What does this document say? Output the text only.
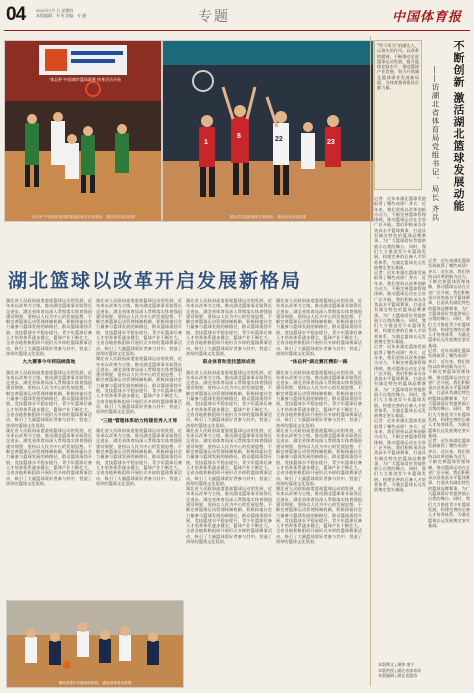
04	2021年7月 日 星期四
本版编辑：专刊 美编：专 题	专题	中国体育报
"体总杯"中国城市篮球联赛 热身活动开始
"体总杯"中国城市篮球联赛湖北赛区比赛现场。 湖北省体育局供图
1	22
8
23
湖北武汉篮球赛事比赛现场。 湖北省体育局供图
湖北篮球以改革开启发展新格局
湖北省人民政府高度重视篮球运动的发展，近年来以改革为主线，推动湖北篮球事业取得长足进步。湖北省体育局深入贯彻落实体育强国建设纲要，坚持以人民为中心的发展思想，不断完善篮球运动管理体制机制，积极探索社会力量参与篮球发展的新路径，群众篮球蓬勃开展，竞技篮球水平稳步提升，青少年篮球后备人才培养体系逐步健全，篮球产业不断壮大。全省各地积极组织开展形式多样的篮球赛事活动，吸引了大量篮球爱好者参与其中，营造了浓厚的篮球文化氛围。
九大赛事今年将陆续落地
湖北省人民政府高度重视篮球运动的发展，近年来以改革为主线，推动湖北篮球事业取得长足进步。湖北省体育局深入贯彻落实体育强国建设纲要，坚持以人民为中心的发展思想，不断完善篮球运动管理体制机制，积极探索社会力量参与篮球发展的新路径，群众篮球蓬勃开展，竞技篮球水平稳步提升，青少年篮球后备人才培养体系逐步健全，篮球产业不断壮大。全省各地积极组织开展形式多样的篮球赛事活动，吸引了大量篮球爱好者参与其中，营造了浓厚的篮球文化氛围。
湖北省人民政府高度重视篮球运动的发展，近年来以改革为主线，推动湖北篮球事业取得长足进步。湖北省体育局深入贯彻落实体育强国建设纲要，坚持以人民为中心的发展思想，不断完善篮球运动管理体制机制，积极探索社会力量参与篮球发展的新路径，群众篮球蓬勃开展，竞技篮球水平稳步提升，青少年篮球后备人才培养体系逐步健全，篮球产业不断壮大。全省各地积极组织开展形式多样的篮球赛事活动，吸引了大量篮球爱好者参与其中，营造了浓厚的篮球文化氛围。
湖北省人民政府高度重视篮球运动的发展，近年来以改革为主线，推动湖北篮球事业取得长足进步。湖北省体育局深入贯彻落实体育强国建设纲要，坚持以人民为中心的发展思想，不断完善篮球运动管理体制机制，积极探索社会力量参与篮球发展的新路径，群众篮球蓬勃开展，竞技篮球水平稳步提升，青少年篮球后备人才培养体系逐步健全，篮球产业不断壮大。全省各地积极组织开展形式多样的篮球赛事活动，吸引了大量篮球爱好者参与其中，营造了浓厚的篮球文化氛围。
湖北省人民政府高度重视篮球运动的发展，近年来以改革为主线，推动湖北篮球事业取得长足进步。湖北省体育局深入贯彻落实体育强国建设纲要，坚持以人民为中心的发展思想，不断完善篮球运动管理体制机制，积极探索社会力量参与篮球发展的新路径，群众篮球蓬勃开展，竞技篮球水平稳步提升，青少年篮球后备人才培养体系逐步健全，篮球产业不断壮大。全省各地积极组织开展形式多样的篮球赛事活动，吸引了大量篮球爱好者参与其中，营造了浓厚的篮球文化氛围。
"三级"管理体系助力构建优秀人才库
湖北省人民政府高度重视篮球运动的发展，近年来以改革为主线，推动湖北篮球事业取得长足进步。湖北省体育局深入贯彻落实体育强国建设纲要，坚持以人民为中心的发展思想，不断完善篮球运动管理体制机制，积极探索社会力量参与篮球发展的新路径，群众篮球蓬勃开展，竞技篮球水平稳步提升，青少年篮球后备人才培养体系逐步健全，篮球产业不断壮大。全省各地积极组织开展形式多样的篮球赛事活动，吸引了大量篮球爱好者参与其中，营造了浓厚的篮球文化氛围。
湖北省人民政府高度重视篮球运动的发展，近年来以改革为主线，推动湖北篮球事业取得长足进步。湖北省体育局深入贯彻落实体育强国建设纲要，坚持以人民为中心的发展思想，不断完善篮球运动管理体制机制，积极探索社会力量参与篮球发展的新路径，群众篮球蓬勃开展，竞技篮球水平稳步提升，青少年篮球后备人才培养体系逐步健全，篮球产业不断壮大。全省各地积极组织开展形式多样的篮球赛事活动，吸引了大量篮球爱好者参与其中，营造了浓厚的篮球文化氛围。
职业体育和竞技篮球成效
湖北省人民政府高度重视篮球运动的发展，近年来以改革为主线，推动湖北篮球事业取得长足进步。湖北省体育局深入贯彻落实体育强国建设纲要，坚持以人民为中心的发展思想，不断完善篮球运动管理体制机制，积极探索社会力量参与篮球发展的新路径，群众篮球蓬勃开展，竞技篮球水平稳步提升，青少年篮球后备人才培养体系逐步健全，篮球产业不断壮大。全省各地积极组织开展形式多样的篮球赛事活动，吸引了大量篮球爱好者参与其中，营造了浓厚的篮球文化氛围。
湖北省人民政府高度重视篮球运动的发展，近年来以改革为主线，推动湖北篮球事业取得长足进步。湖北省体育局深入贯彻落实体育强国建设纲要，坚持以人民为中心的发展思想，不断完善篮球运动管理体制机制，积极探索社会力量参与篮球发展的新路径，群众篮球蓬勃开展，竞技篮球水平稳步提升，青少年篮球后备人才培养体系逐步健全，篮球产业不断壮大。全省各地积极组织开展形式多样的篮球赛事活动，吸引了大量篮球爱好者参与其中，营造了浓厚的篮球文化氛围。
湖北省人民政府高度重视篮球运动的发展，近年来以改革为主线，推动湖北篮球事业取得长足进步。湖北省体育局深入贯彻落实体育强国建设纲要，坚持以人民为中心的发展思想，不断完善篮球运动管理体制机制，积极探索社会力量参与篮球发展的新路径，群众篮球蓬勃开展，竞技篮球水平稳步提升，青少年篮球后备人才培养体系逐步健全，篮球产业不断壮大。全省各地积极组织开展形式多样的篮球赛事活动，吸引了大量篮球爱好者参与其中，营造了浓厚的篮球文化氛围。
湖北省人民政府高度重视篮球运动的发展，近年来以改革为主线，推动湖北篮球事业取得长足进步。湖北省体育局深入贯彻落实体育强国建设纲要，坚持以人民为中心的发展思想，不断完善篮球运动管理体制机制，积极探索社会力量参与篮球发展的新路径，群众篮球蓬勃开展，竞技篮球水平稳步提升，青少年篮球后备人才培养体系逐步健全，篮球产业不断壮大。全省各地积极组织开展形式多样的篮球赛事活动，吸引了大量篮球爱好者参与其中，营造了浓厚的篮球文化氛围。
"体总杯"湖北赛区精彩一路
湖北省人民政府高度重视篮球运动的发展，近年来以改革为主线，推动湖北篮球事业取得长足进步。湖北省体育局深入贯彻落实体育强国建设纲要，坚持以人民为中心的发展思想，不断完善篮球运动管理体制机制，积极探索社会力量参与篮球发展的新路径，群众篮球蓬勃开展，竞技篮球水平稳步提升，青少年篮球后备人才培养体系逐步健全，篮球产业不断壮大。全省各地积极组织开展形式多样的篮球赛事活动，吸引了大量篮球爱好者参与其中，营造了浓厚的篮球文化氛围。
湖北省人民政府高度重视篮球运动的发展，近年来以改革为主线，推动湖北篮球事业取得长足进步。湖北省体育局深入贯彻落实体育强国建设纲要，坚持以人民为中心的发展思想，不断完善篮球运动管理体制机制，积极探索社会力量参与篮球发展的新路径，群众篮球蓬勃开展，竞技篮球水平稳步提升，青少年篮球后备人才培养体系逐步健全，篮球产业不断壮大。全省各地积极组织开展形式多样的篮球赛事活动，吸引了大量篮球爱好者参与其中，营造了浓厚的篮球文化氛围。
湖北省人民政府高度重视篮球运动的发展，近年来以改革为主线，推动湖北篮球事业取得长足进步。湖北省体育局深入贯彻落实体育强国建设纲要，坚持以人民为中心的发展思想，不断完善篮球运动管理体制机制，积极探索社会力量参与篮球发展的新路径，群众篮球蓬勃开展，竞技篮球水平稳步提升，青少年篮球后备人才培养体系逐步健全，篮球产业不断壮大。全省各地积极组织开展形式多样的篮球赛事活动，吸引了大量篮球爱好者参与其中，营造了浓厚的篮球文化氛围。
湖北省青少年篮球训练营。 湖北省体育局供图
"所干所为"的湖北人，以务实的作风，以改革的精神，不断推动全省篮球运动发展，提升篮球竞技水平，推动篮球产业发展，努力开创湖北篮球事业发展新局面，为体育强省建设贡献力量。	不断创新 激活湖北篮球发展动能
——访湖北省体育局党组书记、局长 齐兵
记者：近年来湖北篮球发展取得了哪些成绩？齐兵：近年来，我们坚持以改革创新为动力，不断完善篮球管理体制，推动篮球运动在全省广泛开展。我们积极承办各类高水平篮球赛事，打造具有湖北特色的篮球品牌赛事，为广大篮球爱好者提供展示自我的舞台。同时，我们大力推进青少年篮球发展，构建完善的后备人才培养体系，为湖北篮球长远发展奠定坚实基础。
记者：近年来湖北篮球发展取得了哪些成绩？齐兵：近年来，我们坚持以改革创新为动力，不断完善篮球管理体制，推动篮球运动在全省广泛开展。我们积极承办各类高水平篮球赛事，打造具有湖北特色的篮球品牌赛事，为广大篮球爱好者提供展示自我的舞台。同时，我们大力推进青少年篮球发展，构建完善的后备人才培养体系，为湖北篮球长远发展奠定坚实基础。
记者：近年来湖北篮球发展取得了哪些成绩？齐兵：近年来，我们坚持以改革创新为动力，不断完善篮球管理体制，推动篮球运动在全省广泛开展。我们积极承办各类高水平篮球赛事，打造具有湖北特色的篮球品牌赛事，为广大篮球爱好者提供展示自我的舞台。同时，我们大力推进青少年篮球发展，构建完善的后备人才培养体系，为湖北篮球长远发展奠定坚实基础。
记者：近年来湖北篮球发展取得了哪些成绩？齐兵：近年来，我们坚持以改革创新为动力，不断完善篮球管理体制，推动篮球运动在全省广泛开展。我们积极承办各类高水平篮球赛事，打造具有湖北特色的篮球品牌赛事，为广大篮球爱好者提供展示自我的舞台。同时，我们大力推进青少年篮球发展，构建完善的后备人才培养体系，为湖北篮球长远发展奠定坚实基础。
记者：近年来湖北篮球发展取得了哪些成绩？齐兵：近年来，我们坚持以改革创新为动力，不断完善篮球管理体制，推动篮球运动在全省广泛开展。我们积极承办各类高水平篮球赛事，打造具有湖北特色的篮球品牌赛事，为广大篮球爱好者提供展示自我的舞台。同时，我们大力推进青少年篮球发展，构建完善的后备人才培养体系，为湖北篮球长远发展奠定坚实基础。
记者：近年来湖北篮球发展取得了哪些成绩？齐兵：近年来，我们坚持以改革创新为动力，不断完善篮球管理体制，推动篮球运动在全省广泛开展。我们积极承办各类高水平篮球赛事，打造具有湖北特色的篮球品牌赛事，为广大篮球爱好者提供展示自我的舞台。同时，我们大力推进青少年篮球发展，构建完善的后备人才培养体系，为湖北篮球长远发展奠定坚实基础。
记者：近年来湖北篮球发展取得了哪些成绩？齐兵：近年来，我们坚持以改革创新为动力，不断完善篮球管理体制，推动篮球运动在全省广泛开展。我们积极承办各类高水平篮球赛事，打造具有湖北特色的篮球品牌赛事，为广大篮球爱好者提供展示自我的舞台。同时，我们大力推进青少年篮球发展，构建完善的后备人才培养体系，为湖北篮球长远发展奠定坚实基础。
本版撰文 | 湖体 康宁
本版供图 | 湖北省体育局
本版编辑 | 湖北省篮协
